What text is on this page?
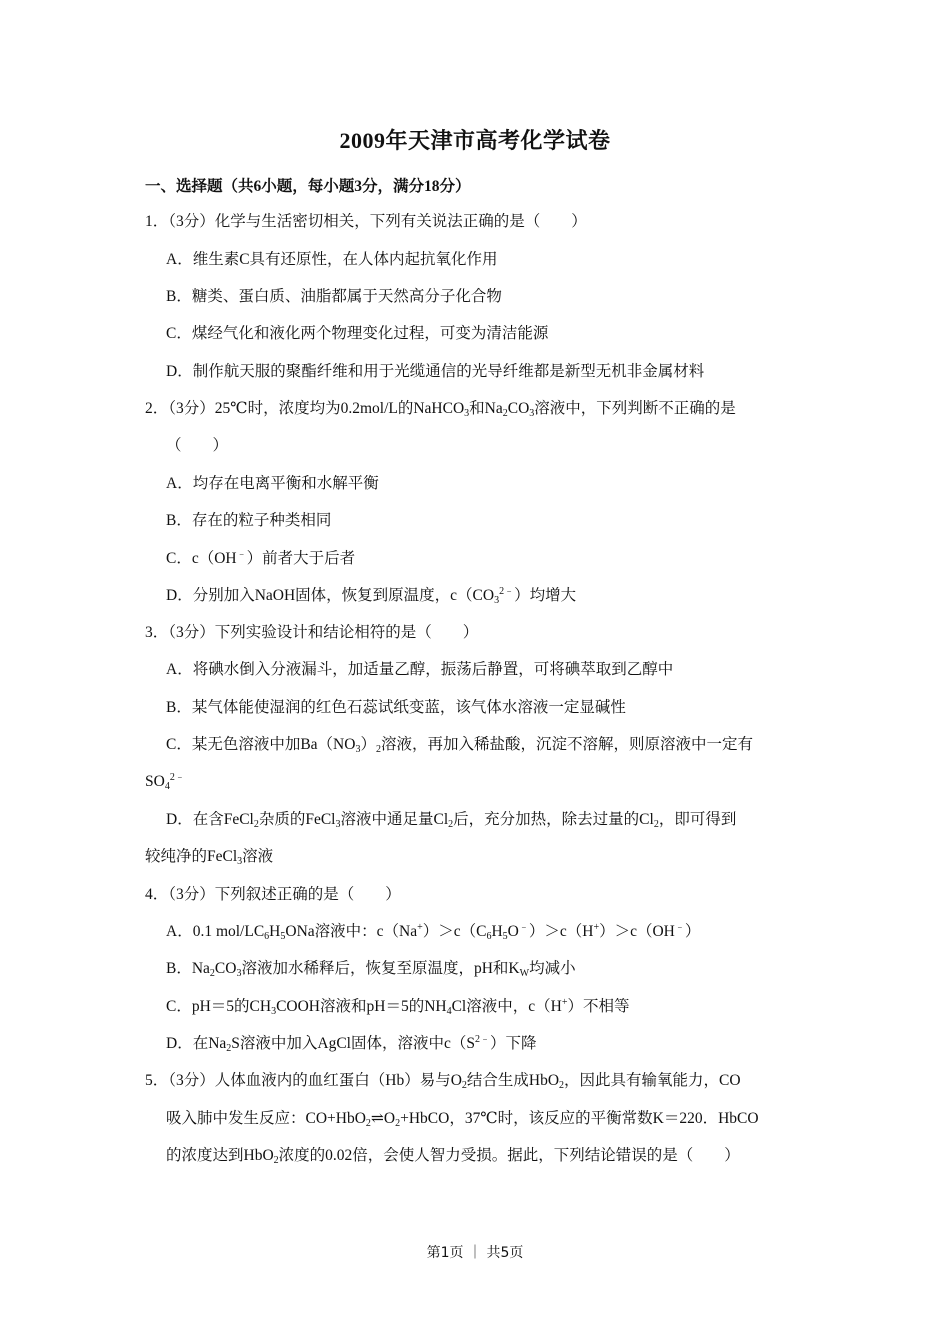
2009年天津市高考化学试卷
一、选择题（共6小题，每小题3分，满分18分）
1．（3分）化学与生活密切相关，下列有关说法正确的是（　　）
A．维生素C具有还原性，在人体内起抗氧化作用
B．糖类、蛋白质、油脂都属于天然高分子化合物
C．煤经气化和液化两个物理变化过程，可变为清洁能源
D．制作航天服的聚酯纤维和用于光缆通信的光导纤维都是新型无机非金属材料
2．（3分）25℃时，浓度均为0.2mol/L的NaHCO$_3$和$Na_2CO_3$溶液中，下列判断不正确的是
（　　）
A．均存在电离平衡和水解平衡
B．存在的粒子种类相同
C．c（OH﹣）前者大于后者
D．分别加入NaOH固体，恢复到原温度，$c(CO_3^{2﹣})$均增大
3．（3分）下列实验设计和结论相符的是（　　）
A．将碘水倒入分液漏斗，加适量乙醇，振荡后静置，可将碘萃取到乙醇中
B．某气体能使湿润的红色石蕊试纸变蓝，该气体水溶液一定显碱性
C．某无色溶液中加$Ba(NO_3)_2$溶液，再加入稀盐酸，沉淀不溶解，则原溶液中一定有
$SO_4^{2﹣}$
D．在含FeCl$_2$杂质的FeCl$_3$溶液中通足量$Cl_2$后，充分加热，除去过量的$Cl_2$，即可得到
较纯净的FeCl$_3$溶液
4．（3分）下列叙述正确的是（　　）
A．0.1 mol/$LC_6H_5ONa$溶液中：$c(Na^+)>c(C_6H_5O^﹣)>c(H^+)>c(OH^﹣)$
B．$Na_2CO_3$溶液加水稀释后，恢复至原温度，pH和$K_W$均减小
C．pH＝5的$CH_3COOH$溶液和pH＝5的$NH_4Cl$溶液中，c（H+）不相等
D．在$Na_2S$溶液中加入AgCl固体，溶液中$c(S^{2﹣})$下降
5．（3分）人体血液内的血红蛋白（Hb）易与$O_2$结合生成HbO$_2$，因此具有输氧能力，CO
吸入肺中发生反应：$CO+HbO_2\rightleftharpoons O_2+HbCO$，37℃时，该反应的平衡常数K＝220．HbCO
的浓度达到HbO$_2$浓度的0.02倍，会使人智力受损。据此，下列结论错误的是（　　）
第1页 ｜ 共5页
